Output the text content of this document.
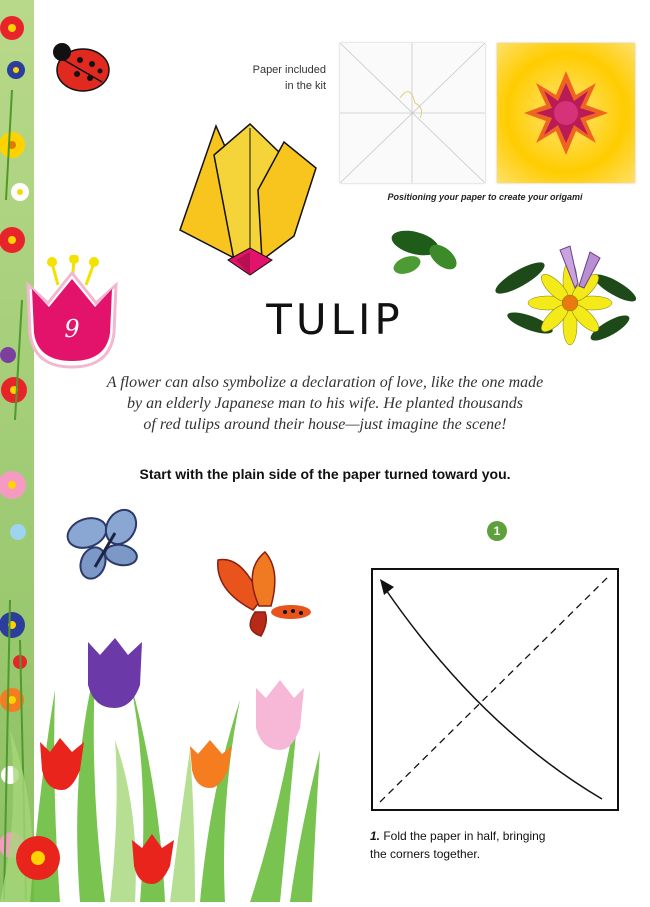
9
Paper included
in the kit
Positioning your paper to create your origami
TULIP
A flower can also symbolize a declaration of love, like the one made
by an elderly Japanese man to his wife. He planted thousands
of red tulips around their house—just imagine the scene!
Start with the plain side of the paper turned toward you.
1
1. Fold the paper in half, bringing
the corners together.
